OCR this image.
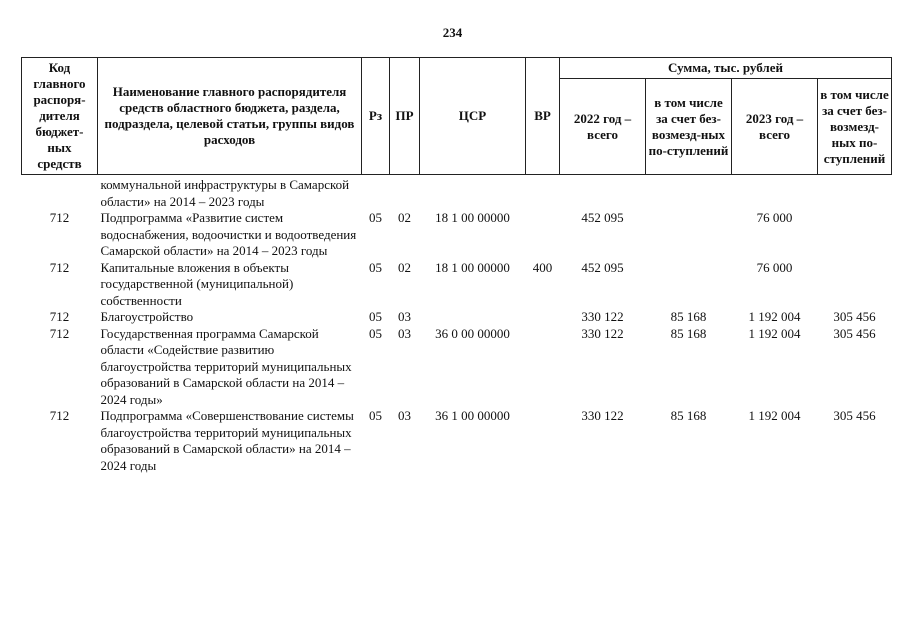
234
Код главного распоря-дителя бюджет-ных средств	Наименование главного распорядителя средств областного бюджета, раздела, подраздела, целевой статьи, группы видов расходов	Рз	ПР	ЦСР	ВР	Сумма, тыс. рублей			
						2022 год – всего	в том числе за счет без-возмезд-ных по-ступлений	2023 год – всего	в том числе за счет без-возмезд-ных по-ступлений
	коммунальной инфраструктуры в Самарской области» на 2014 – 2023 годы								
712	Подпрограмма «Развитие систем водоснабжения, водоочистки и водоотведения Самарской области» на 2014 – 2023 годы	05	02	18 1 00 00000		452 095		76 000	
712	Капитальные вложения в объекты государственной (муниципальной) собственности	05	02	18 1 00 00000	400	452 095		76 000	
712	Благоустройство	05	03			330 122	85 168	1 192 004	305 456
712	Государственная программа Самарской области «Содействие развитию благоустройства территорий муниципальных образований в Самарской области на 2014 – 2024 годы»	05	03	36 0 00 00000		330 122	85 168	1 192 004	305 456
712	Подпрограмма «Совершенствование системы благоустройства территорий муниципальных образований в Самарской области» на 2014 – 2024 годы	05	03	36 1 00 00000		330 122	85 168	1 192 004	305 456
